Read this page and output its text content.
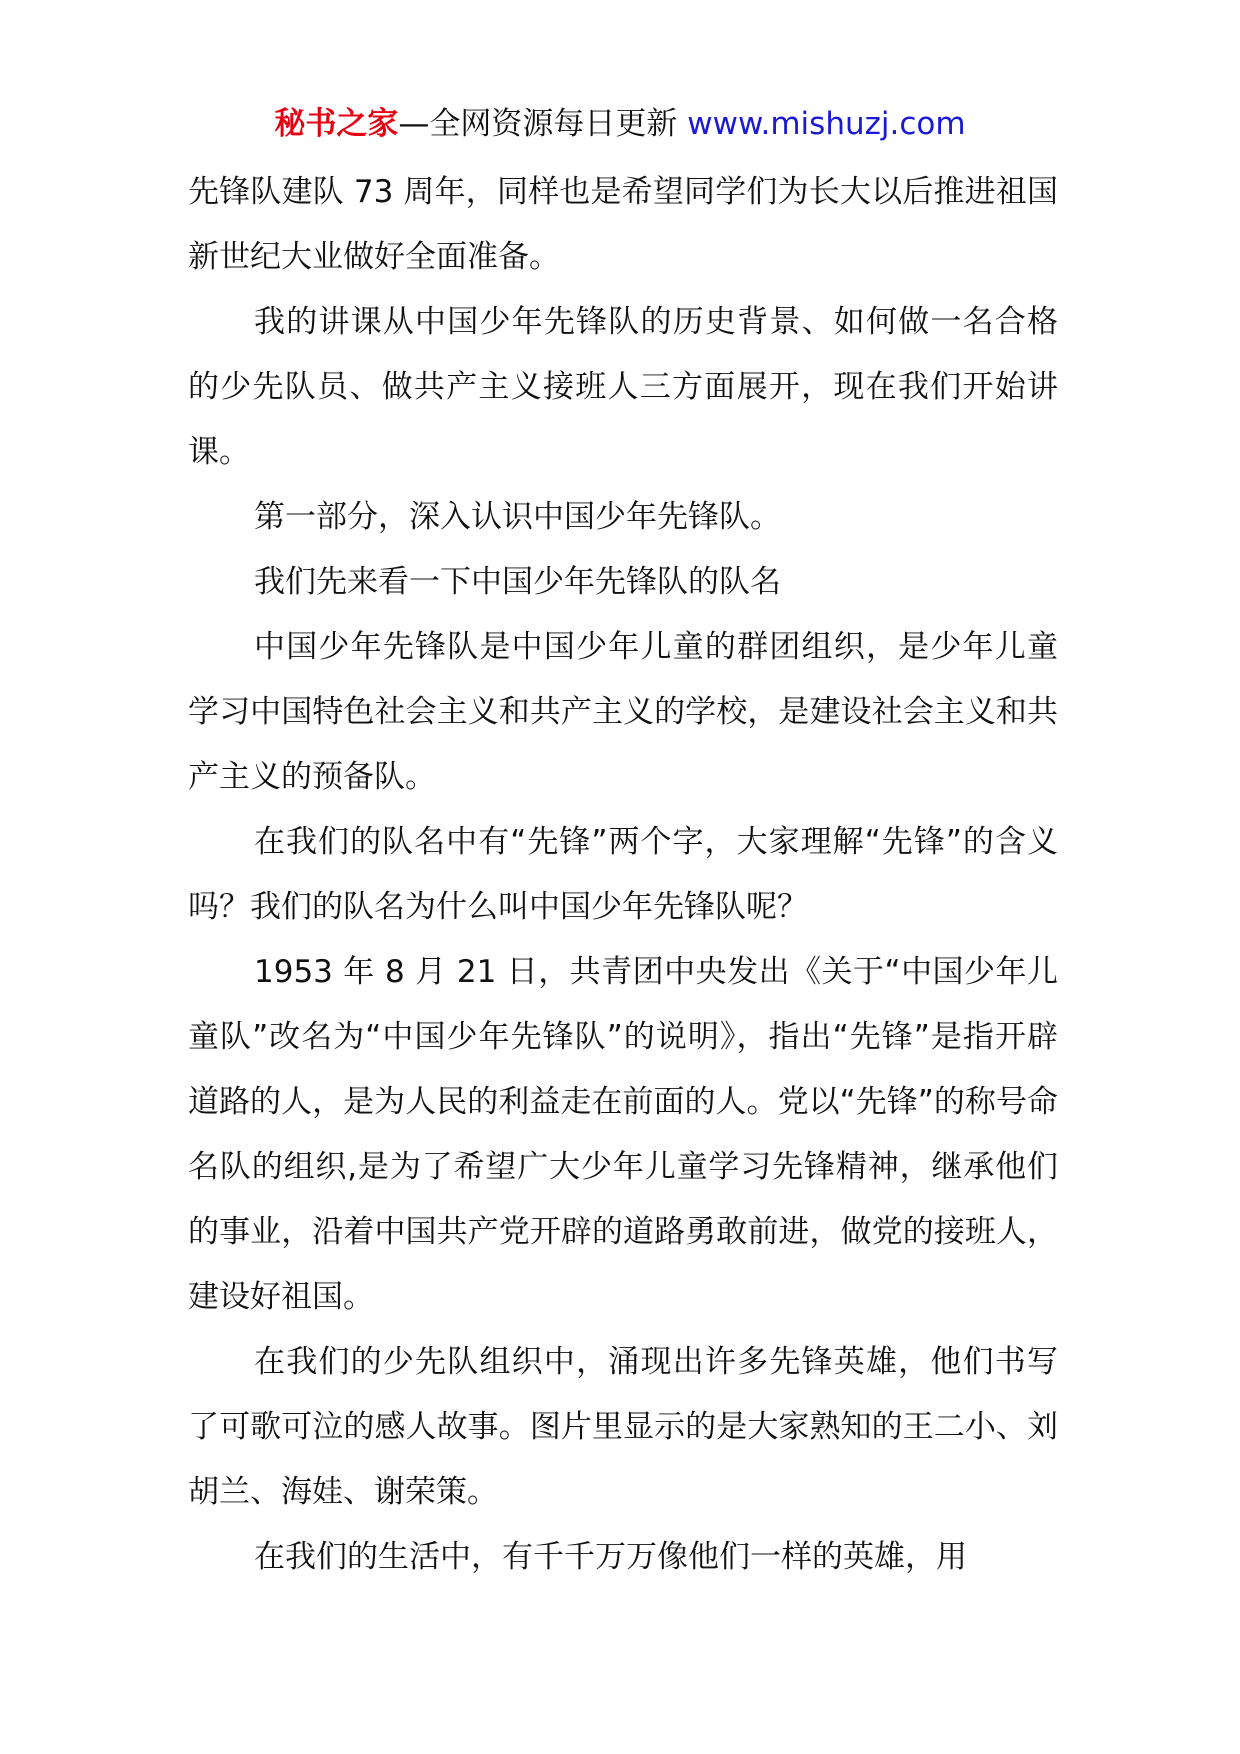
秘书之家—全网资源每日更新 www.mishuzj.com

先锋队建队 73 周年，同样也是希望同学们为长大以后推进祖国新世纪大业做好全面准备。

我的讲课从中国少年先锋队的历史背景、如何做一名合格的少先队员、做共产主义接班人三方面展开，现在我们开始讲课。

第一部分，深入认识中国少年先锋队。

我们先来看一下中国少年先锋队的队名

中国少年先锋队是中国少年儿童的群团组织，是少年儿童学习中国特色社会主义和共产主义的学校，是建设社会主义和共产主义的预备队。

在我们的队名中有“先锋”两个字，大家理解“先锋”的含义吗？我们的队名为什么叫中国少年先锋队呢？

1953 年 8 月 21 日，共青团中央发出《关于“中国少年儿童队”改名为“中国少年先锋队”的说明》，指出“先锋”是指开辟道路的人，是为人民的利益走在前面的人。党以“先锋”的称号命名队的组织,是为了希望广大少年儿童学习先锋精神，继承他们的事业，沿着中国共产党开辟的道路勇敢前进，做党的接班人，建设好祖国。

在我们的少先队组织中，涌现出许多先锋英雄，他们书写了可歌可泣的感人故事。图片里显示的是大家熟知的王二小、刘胡兰、海娃、谢荣策。

在我们的生活中，有千千万万像他们一样的英雄，用
